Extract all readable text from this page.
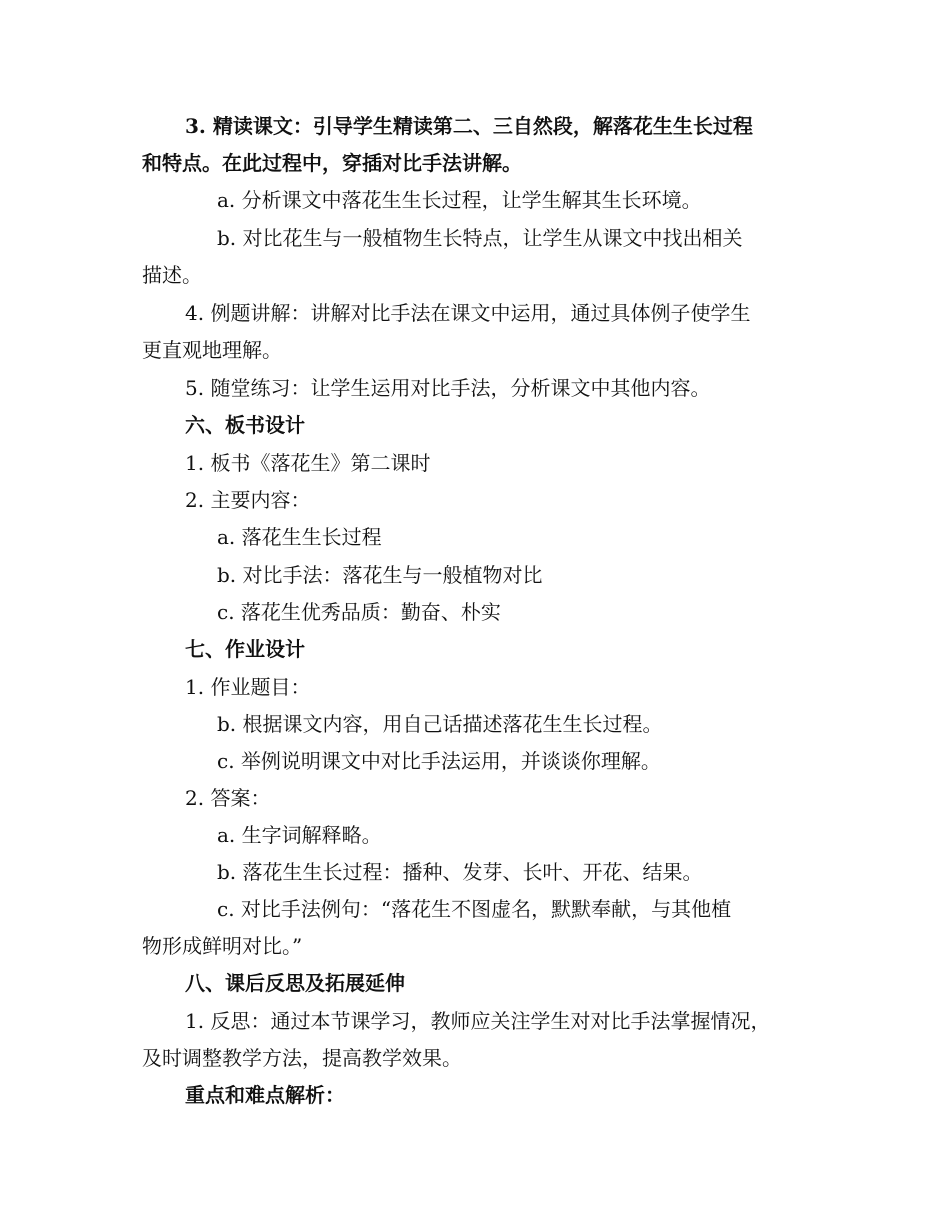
3. 精读课文：引导学生精读第二、三自然段，解落花生生长过程
和特点。在此过程中，穿插对比手法讲解。
a. 分析课文中落花生生长过程，让学生解其生长环境。
b. 对比花生与一般植物生长特点，让学生从课文中找出相关
描述。
4. 例题讲解：讲解对比手法在课文中运用，通过具体例子使学生
更直观地理解。
5. 随堂练习：让学生运用对比手法，分析课文中其他内容。
六、板书设计
1. 板书《落花生》第二课时
2. 主要内容：
a. 落花生生长过程
b. 对比手法：落花生与一般植物对比
c. 落花生优秀品质：勤奋、朴实
七、作业设计
1. 作业题目：
b. 根据课文内容，用自己话描述落花生生长过程。
c. 举例说明课文中对比手法运用，并谈谈你理解。
2. 答案：
a. 生字词解释略。
b. 落花生生长过程：播种、发芽、长叶、开花、结果。
c. 对比手法例句：“落花生不图虚名，默默奉献，与其他植
物形成鲜明对比。”
八、课后反思及拓展延伸
1. 反思：通过本节课学习，教师应关注学生对对比手法掌握情况，
及时调整教学方法，提高教学效果。
重点和难点解析：
